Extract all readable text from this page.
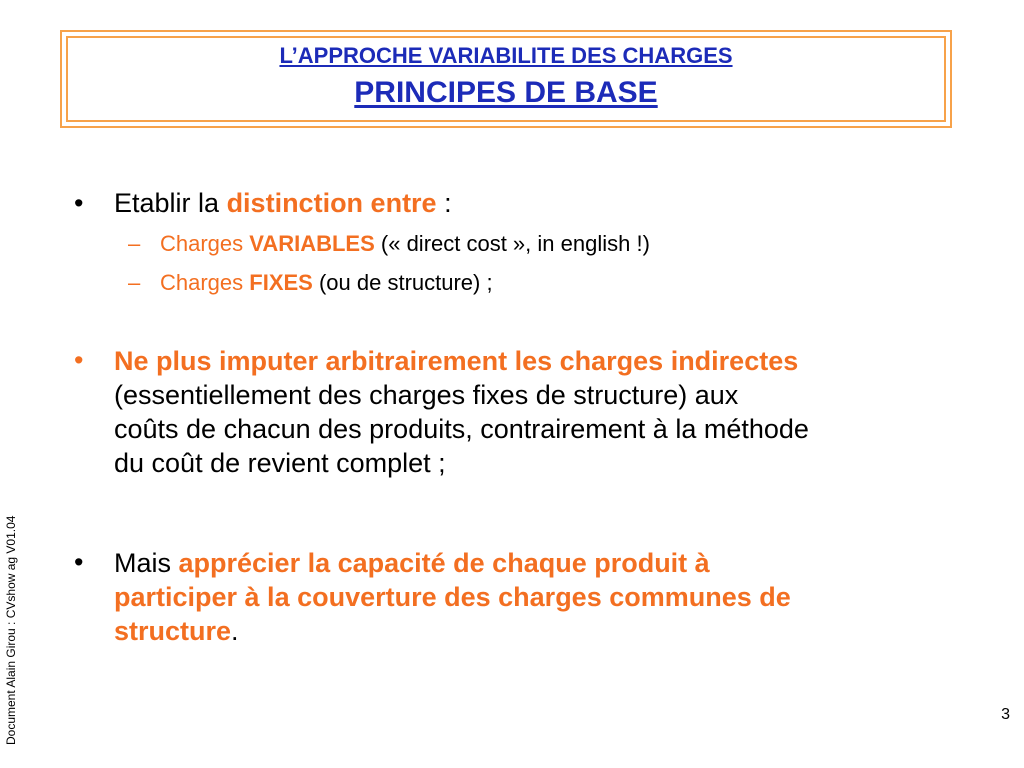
L’APPROCHE VARIABILITE DES CHARGES
PRINCIPES DE BASE
• Etablir la distinction entre :
– Charges VARIABLES (« direct cost », in english !)
– Charges FIXES (ou de structure) ;
• Ne plus imputer arbitrairement les charges indirectes
(essentiellement des charges fixes de structure) aux
coûts de chacun des produits, contrairement à la méthode
du coût de revient complet ;
• Mais apprécier la capacité de chaque produit à
participer à la couverture des charges communes de
structure.
Document Alain Girou : CVshow ag V01.04	3
